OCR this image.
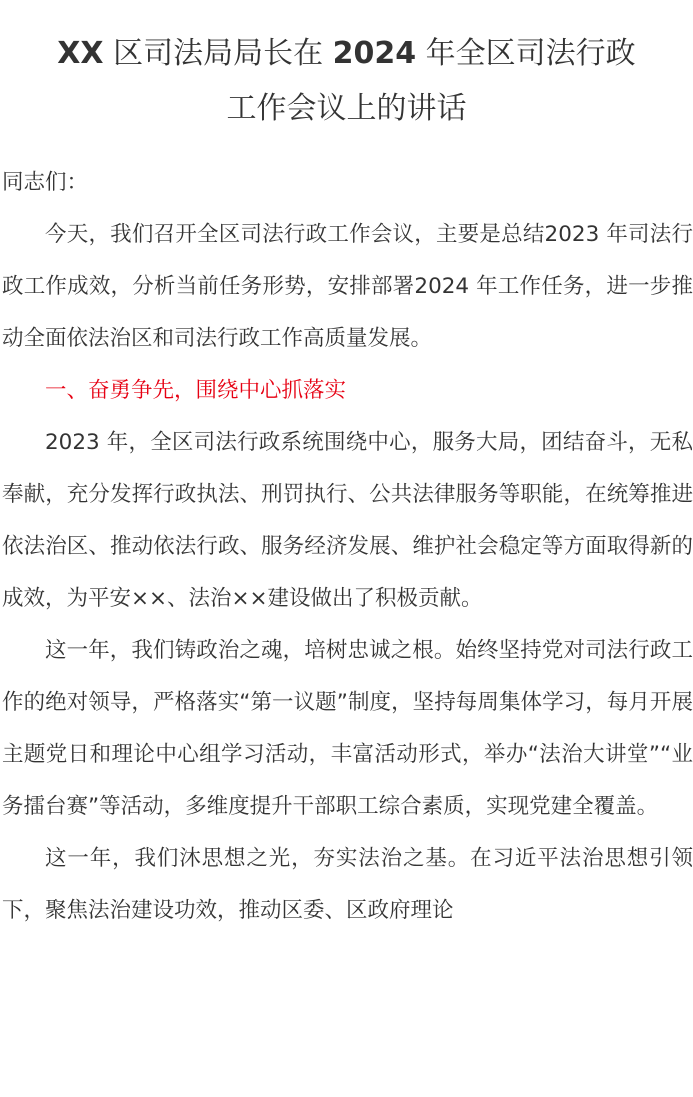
XX 区司法局局长在 2024 年全区司法行政
工作会议上的讲话

同志们：

今天，我们召开全区司法行政工作会议，主要是总结2023 年司法行政工作成效，分析当前任务形势，安排部署2024 年工作任务，进一步推动全面依法治区和司法行政工作高质量发展。

一、奋勇争先，围绕中心抓落实

2023 年，全区司法行政系统围绕中心，服务大局，团结奋斗，无私奉献，充分发挥行政执法、刑罚执行、公共法律服务等职能，在统筹推进依法治区、推动依法行政、服务经济发展、维护社会稳定等方面取得新的成效，为平安××、法治××建设做出了积极贡献。

这一年，我们铸政治之魂，培树忠诚之根。始终坚持党对司法行政工作的绝对领导，严格落实“第一议题”制度，坚持每周集体学习，每月开展主题党日和理论中心组学习活动，丰富活动形式，举办“法治大讲堂”“业务擂台赛”等活动，多维度提升干部职工综合素质，实现党建全覆盖。

这一年，我们沐思想之光，夯实法治之基。在习近平法治思想引领下，聚焦法治建设功效，推动区委、区政府理论
